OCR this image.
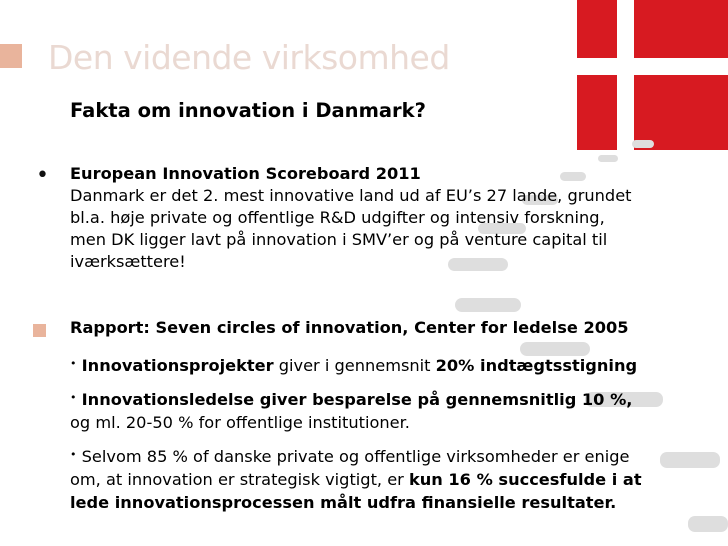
Den vidende virksomhed
Fakta om innovation i Danmark?
• European Innovation Scoreboard 2011
Danmark er det 2. mest innovative land ud af EU’s 27 lande, grundet
bl.a. høje private og offentlige R&D udgifter og intensiv forskning,
men DK ligger lavt på innovation i SMV’er og på venture capital til
iværksættere!
Rapport: Seven circles of innovation, Center for ledelse 2005
• Innovationsprojekter giver i gennemsnit 20% indtægtsstigning
• Innovationsledelse giver besparelse på gennemsnitlig 10 %,
og ml. 20-50 % for offentlige institutioner.
• Selvom 85 % of danske private og offentlige virksomheder er enige
om, at innovation er strategisk vigtigt, er kun 16 % succesfulde i at
lede innovationsprocessen målt udfra finansielle resultater.
